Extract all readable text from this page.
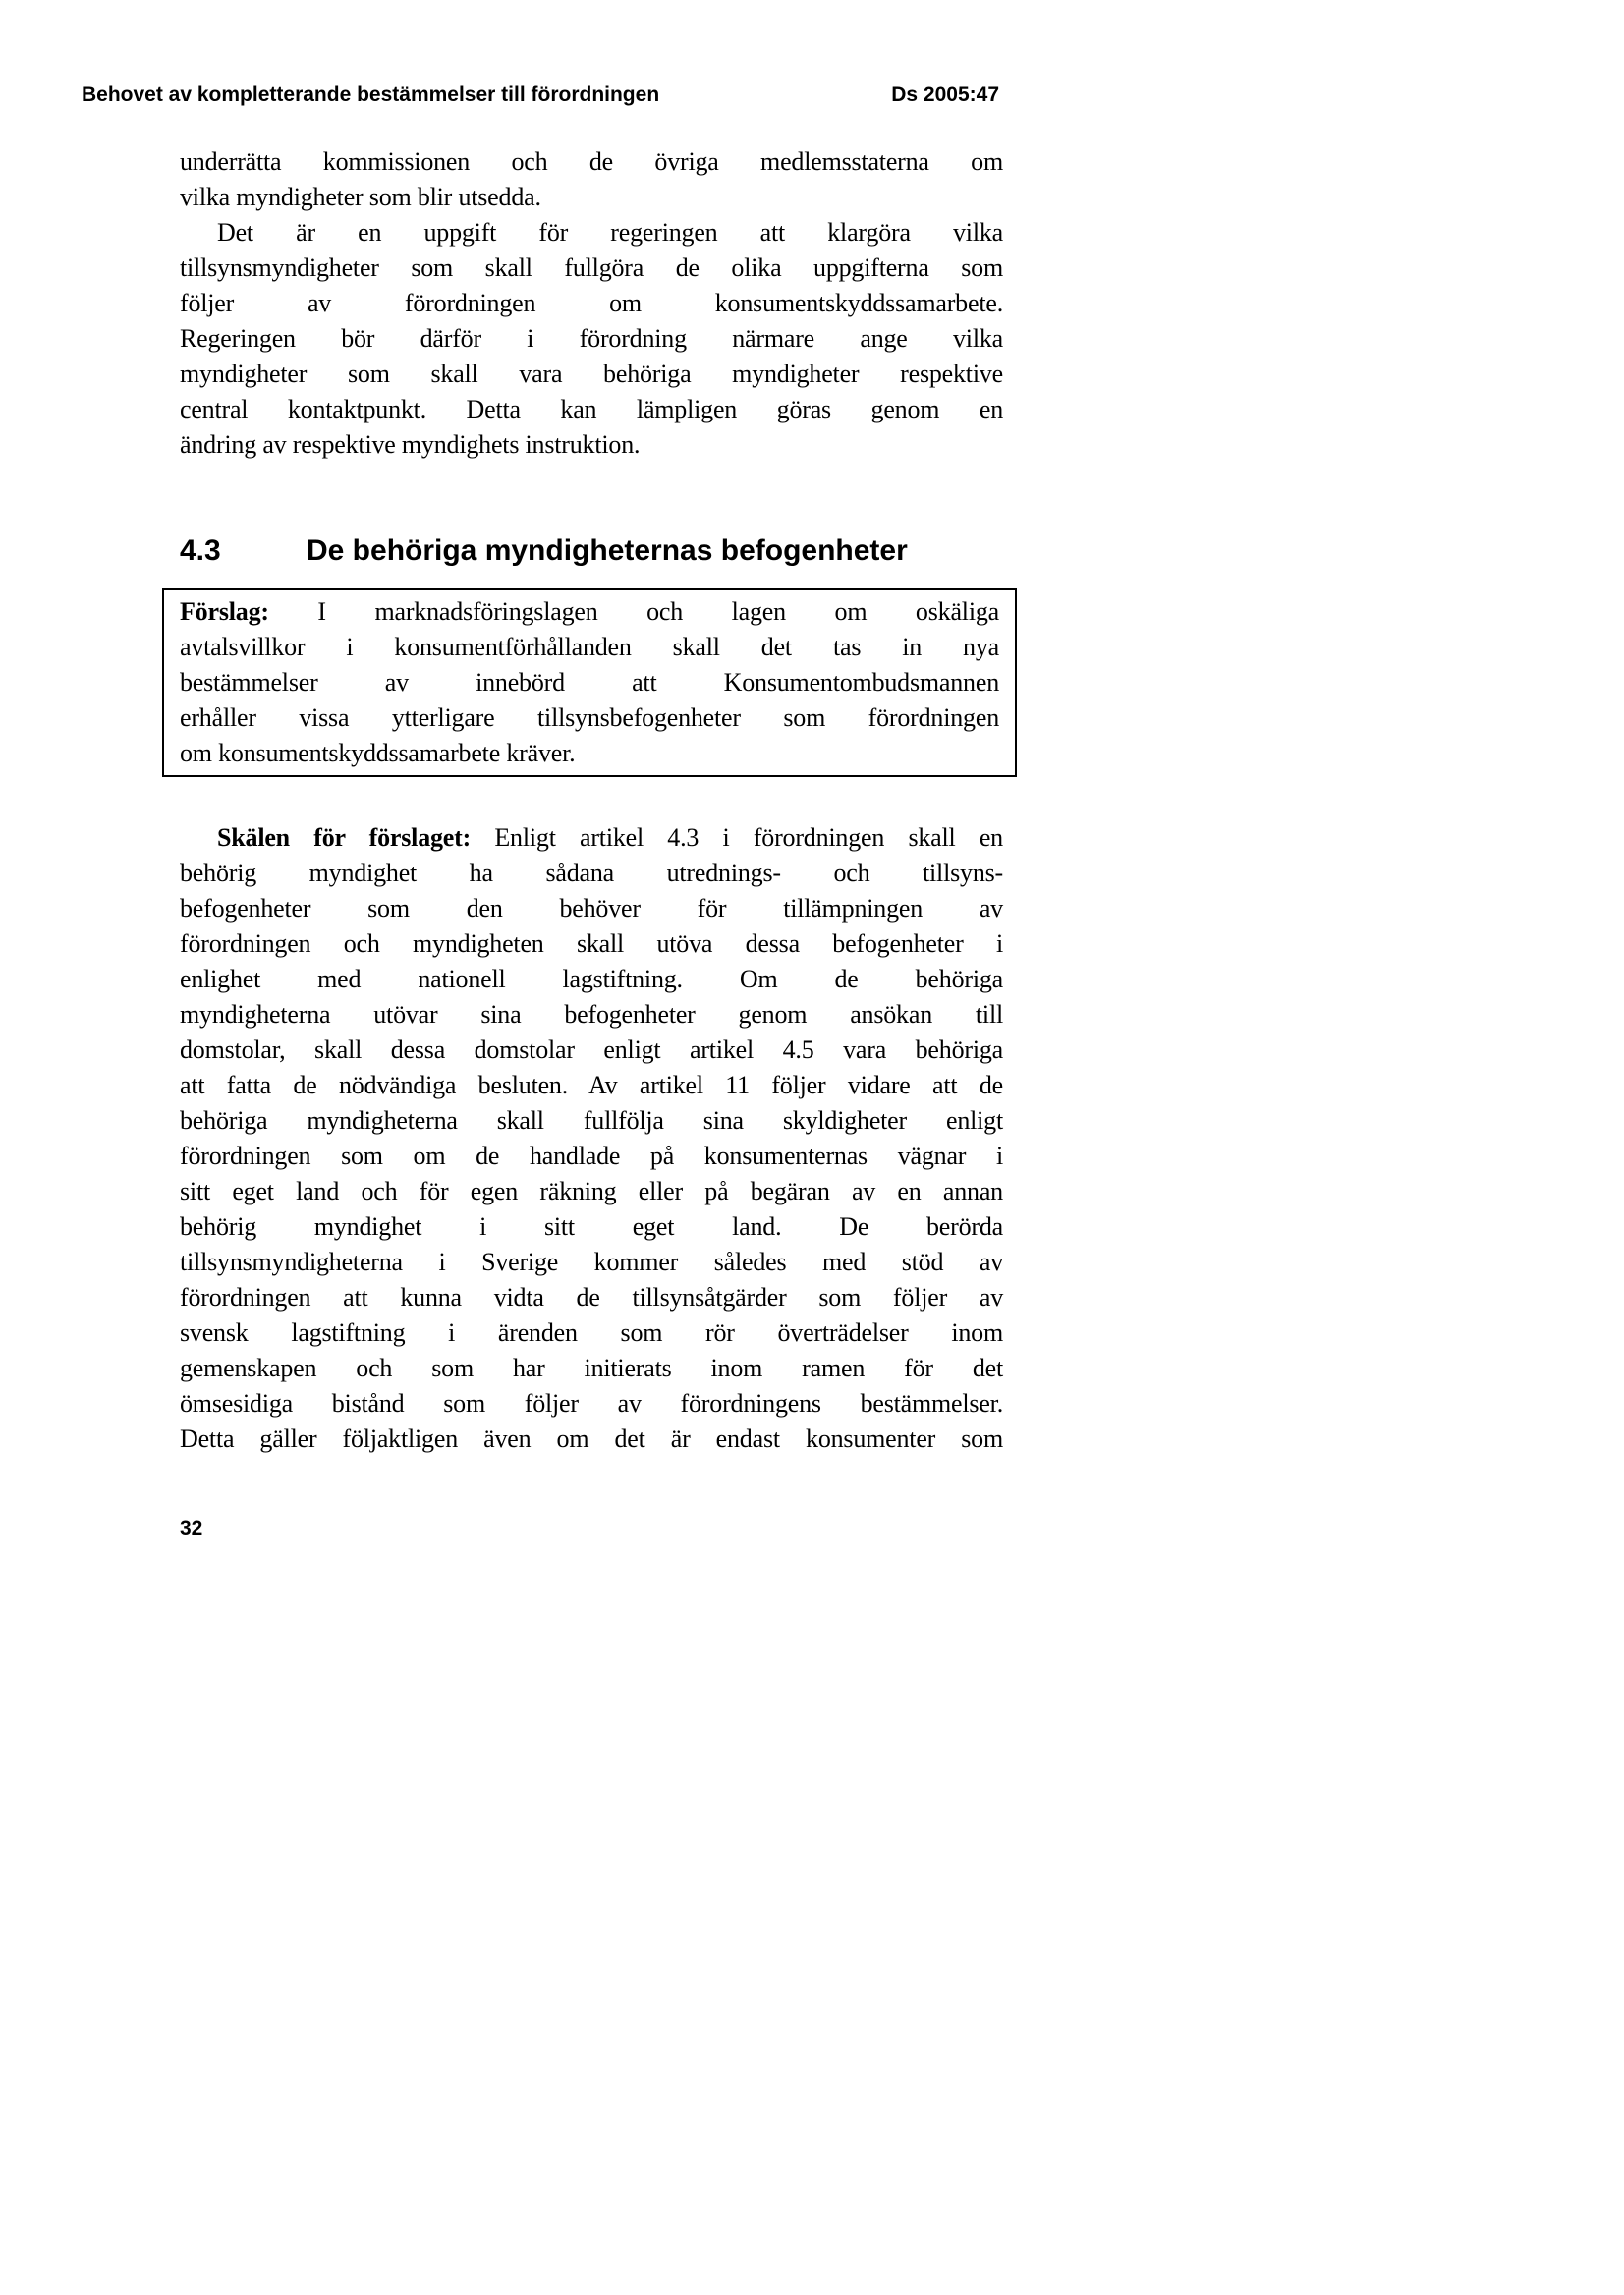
Behovet av kompletterande bestämmelser till förordningen	Ds 2005:47
underrätta kommissionen och de övriga medlemsstaterna om
vilka myndigheter som blir utsedda.
Det är en uppgift för regeringen att klargöra vilka
tillsynsmyndigheter som skall fullgöra de olika uppgifterna som
följer av förordningen om konsumentskyddssamarbete.
Regeringen bör därför i förordning närmare ange vilka
myndigheter som skall vara behöriga myndigheter respektive
central kontaktpunkt. Detta kan lämpligen göras genom en
ändring av respektive myndighets instruktion.
4.3	De behöriga myndigheternas befogenheter
Förslag: I marknadsföringslagen och lagen om oskäliga
avtalsvillkor i konsumentförhållanden skall det tas in nya
bestämmelser av innebörd att Konsumentombudsmannen
erhåller vissa ytterligare tillsynsbefogenheter som förordningen
om konsumentskyddssamarbete kräver.
Skälen för förslaget: Enligt artikel 4.3 i förordningen skall en
behörig myndighet ha sådana utrednings- och tillsyns-
befogenheter som den behöver för tillämpningen av
förordningen och myndigheten skall utöva dessa befogenheter i
enlighet med nationell lagstiftning. Om de behöriga
myndigheterna utövar sina befogenheter genom ansökan till
domstolar, skall dessa domstolar enligt artikel 4.5 vara behöriga
att fatta de nödvändiga besluten. Av artikel 11 följer vidare att de
behöriga myndigheterna skall fullfölja sina skyldigheter enligt
förordningen som om de handlade på konsumenternas vägnar i
sitt eget land och för egen räkning eller på begäran av en annan
behörig myndighet i sitt eget land. De berörda
tillsynsmyndigheterna i Sverige kommer således med stöd av
förordningen att kunna vidta de tillsynsåtgärder som följer av
svensk lagstiftning i ärenden som rör överträdelser inom
gemenskapen och som har initierats inom ramen för det
ömsesidiga bistånd som följer av förordningens bestämmelser.
Detta gäller följaktligen även om det är endast konsumenter som
32
